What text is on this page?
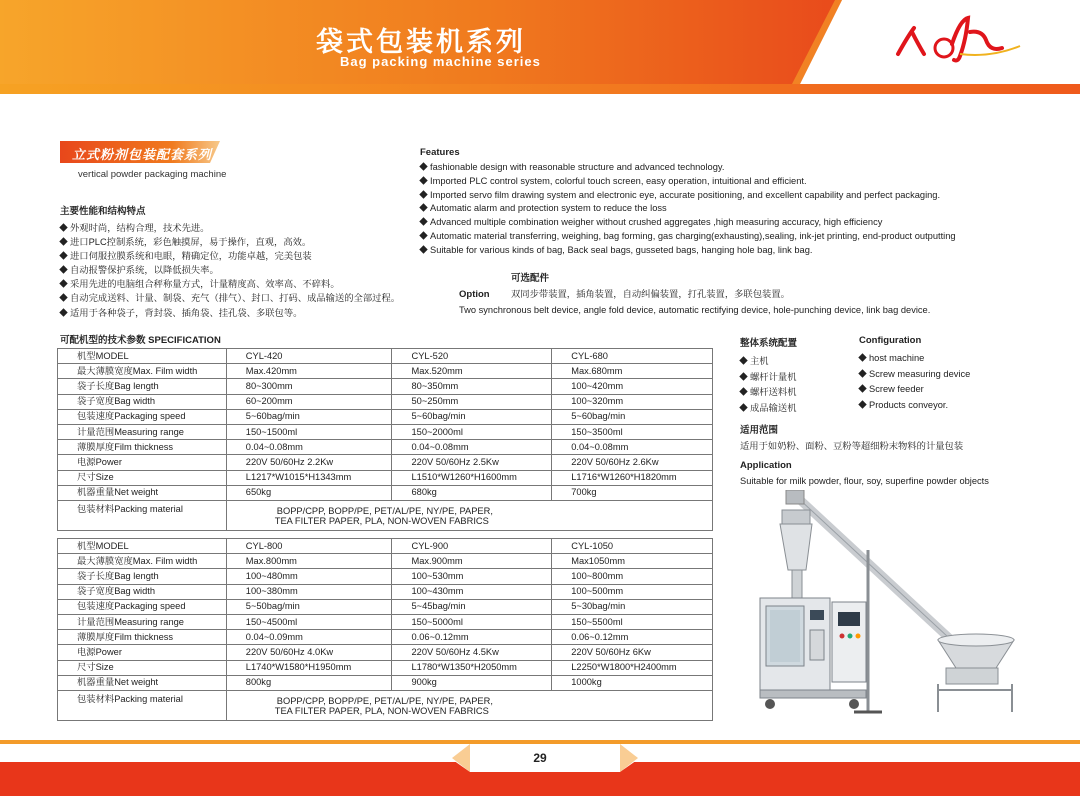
袋式包装机系列
Bag packing machine series
立式粉剂包装配套系列
vertical powder packaging machine
主要性能和结构特点
外观时尚，结构合理，技术先进。
进口PLC控制系统，彩色触摸屏，易于操作，直观，高效。
进口伺服拉膜系统和电眼，精确定位，功能卓越，完美包装
自动报警保护系统，以降低损失率。
采用先进的电脑组合秤称量方式，计量精度高、效率高、不碎料。
自动完成送料、计量、制袋、充气（排气）、封口、打码、成品输送的全部过程。
适用于各种袋子，背封袋、插角袋、挂孔袋、多联包等。
Features
fashionable design with reasonable structure and advanced technology.
Imported PLC control system, colorful touch screen, easy operation, intuitional and efficient.
Imported servo film drawing system and electronic eye, accurate positioning, and excellent capability and perfect packaging.
Automatic alarm and protection system to reduce the loss
Advanced multiple combination weigher without crushed aggregates ,high measuring accuracy, high efficiency
Automatic material transferring, weighing, bag forming, gas charging(exhausting),sealing, ink-jet printing, end-product outputting
Suitable for various kinds of bag, Back seal bags, gusseted bags, hanging hole bag, link bag.
可选配件
双同步带装置，插角装置，自动纠偏装置，打孔装置，多联包装置。
Option
Two synchronous belt device, angle fold device, automatic rectifying device, hole-punching device, link bag device.
可配机型的技术参数 SPECIFICATION
机型MODEL	CYL-420	CYL-520	CYL-680
最大薄膜宽度Max. Film width	Max.420mm	Max.520mm	Max.680mm
袋子长度Bag length	80~300mm	80~350mm	100~420mm
袋子宽度Bag width	60~200mm	50~250mm	100~320mm
包装速度Packaging speed	5~60bag/min	5~60bag/min	5~60bag/min
计量范围Measuring range	150~1500ml	150~2000ml	150~3500ml
薄膜厚度Film thickness	0.04~0.08mm	0.04~0.08mm	0.04~0.08mm
电源Power	220V 50/60Hz 2.2Kw	220V 50/60Hz 2.5Kw	220V 50/60Hz 2.6Kw
尺寸Size	L1217*W1015*H1343mm	L1510*W1260*H1600mm	L1716*W1260*H1820mm
机器重量Net weight	650kg	680kg	700kg
包装材料Packing material	BOPP/CPP, BOPP/PE, PET/AL/PE, NY/PE, PAPER,
TEA FILTER PAPER, PLA, NON-WOVEN FABRICS		
机型MODEL	CYL-800	CYL-900	CYL-1050
最大薄膜宽度Max. Film width	Max.800mm	Max.900mm	Max1050mm
袋子长度Bag length	100~480mm	100~530mm	100~800mm
袋子宽度Bag width	100~380mm	100~430mm	100~500mm
包装速度Packaging speed	5~50bag/min	5~45bag/min	5~30bag/min
计量范围Measuring range	150~4500ml	150~5000ml	150~5500ml
薄膜厚度Film thickness	0.04~0.09mm	0.06~0.12mm	0.06~0.12mm
电源Power	220V 50/60Hz 4.0Kw	220V 50/60Hz 4.5Kw	220V 50/60Hz 6Kw
尺寸Size	L1740*W1580*H1950mm	L1780*W1350*H2050mm	L2250*W1800*H2400mm
机器重量Net weight	800kg	900kg	1000kg
包装材料Packing material	BOPP/CPP, BOPP/PE, PET/AL/PE, NY/PE, PAPER,
TEA FILTER PAPER, PLA, NON-WOVEN FABRICS		
整体系统配置
主机
螺杆计量机
螺杆送料机
成品输送机
Configuration
host machine
Screw measuring device
Screw feeder
Products conveyor.
适用范围
适用于如奶粉、面粉、豆粉等超细粉末物料的计量包装
Application
Suitable for milk powder, flour, soy, superfine powder objects
29
